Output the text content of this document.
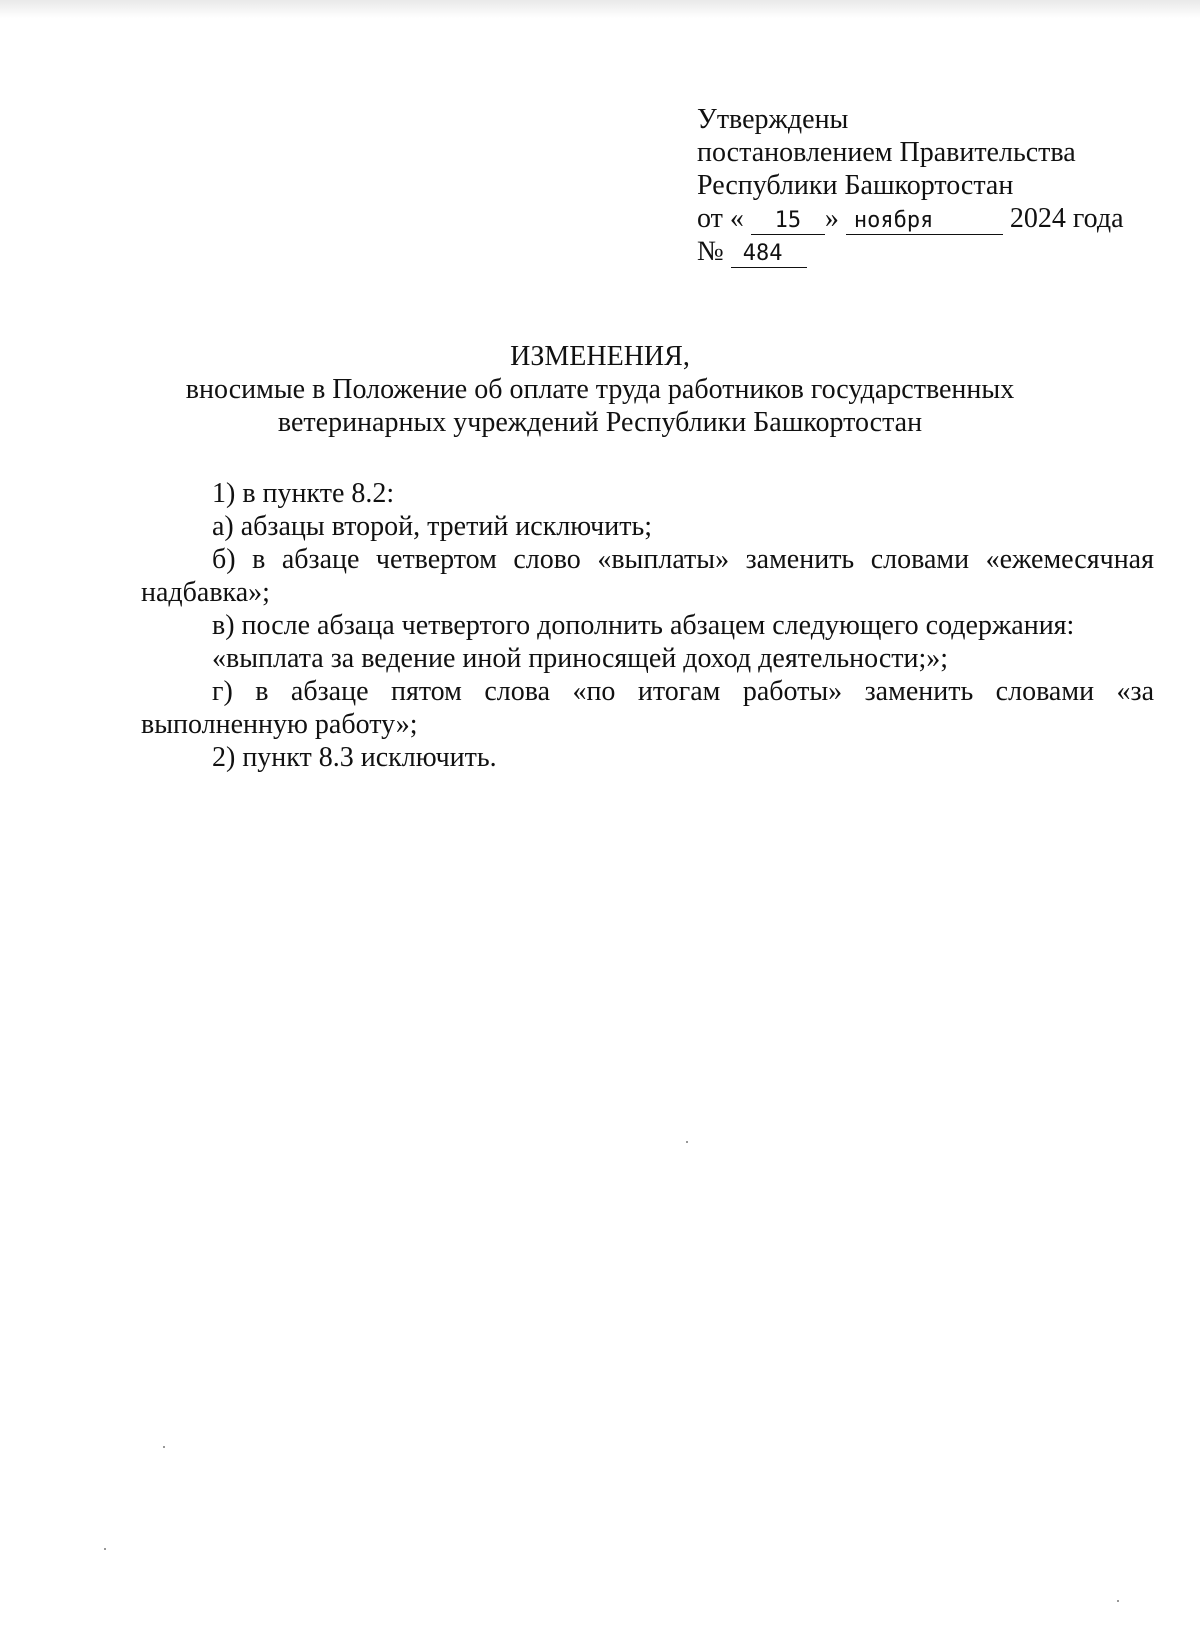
Утверждены
постановлением Правительства
Республики Башкортостан
от « 15 » ноября	2024 года
№ 484
ИЗМЕНЕНИЯ,
вносимые в Положение об оплате труда работников государственных
ветеринарных учреждений Республики Башкортостан

1) в пункте 8.2:

а) абзацы второй, третий исключить;

б) в абзаце четвертом слово «выплаты» заменить словами «ежемесячная надбавка»;

в) после абзаца четвертого дополнить абзацем следующего содержания:

«выплата за ведение иной приносящей доход деятельности;»;

г) в абзаце пятом слова «по итогам работы» заменить словами «за выполненную работу»;

2) пункт 8.3 исключить.
